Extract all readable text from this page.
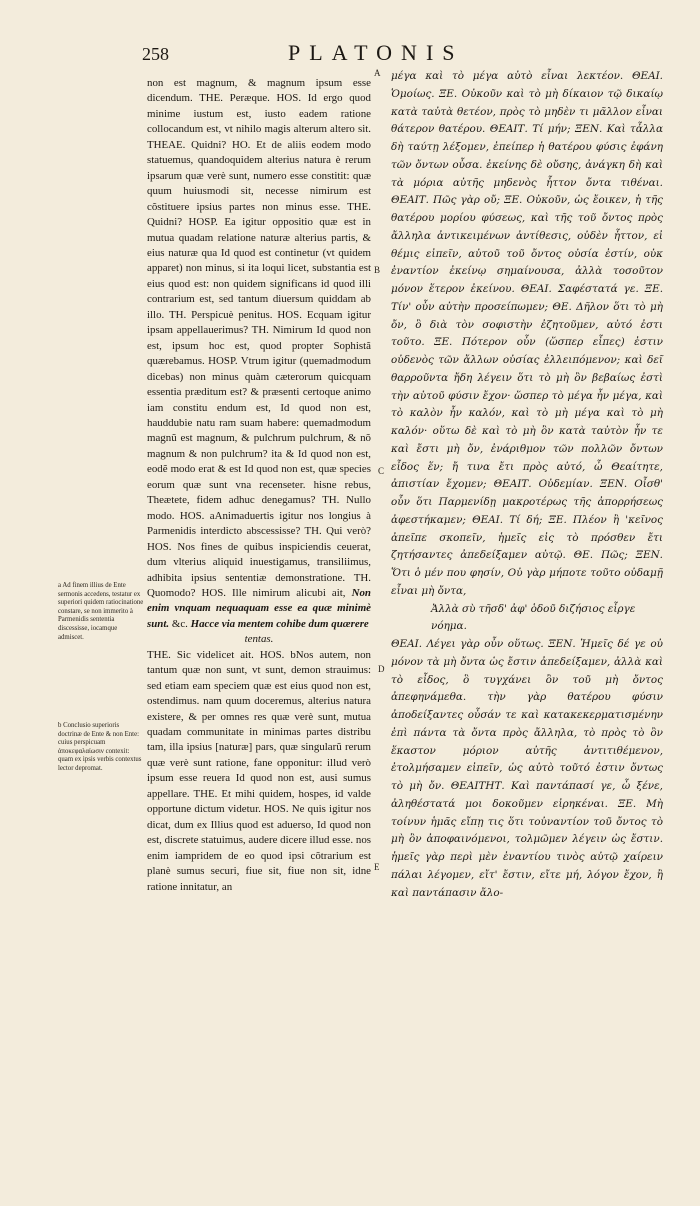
258	PLATONIS
a Ad finem illius de Ente sermonis accedens, testatur ex superiori quidem ratiocinatione constare, se non immerito à Parmenidis sententia discessisse, iocamque admiscet.
b Conclusio superioris doctrinæ de Ente & non Ente: cuius perspicuam ἀποκεφαλαίωσιν contexit: quam ex ipsis verbis contextus lector depromat.

non est magnum, & magnum ipsum esse dicendum. THE. Peræque. HOS. Id ergo quod minime iustum est, iusto eadem ratione collocandum est, vt nihilo magis alterum altero sit. THEAE. Quidni? HO. Et de aliis eodem modo statuemus, quandoquidem alterius natura è rerum ipsarum quæ verè sunt, numero esse constitit: quæ quum huiusmodi sit, necesse nimirum est cõstituere ipsius partes non minus esse. THE. Quidni? HOSP. Ea igitur oppositio quæ est in mutua quadam relatione naturæ alterius partis, & eius naturæ qua Id quod est continetur (vt quidem apparet) non minus, si ita loqui licet, substantia est eius quod est: non quidem significans id quod illi contrarium est, sed tantum diuersum quiddam ab illo. TH. Perspicuè penitus. HOS. Ecquam igitur ipsam appellauerimus? TH. Nimirum Id quod non est, ipsum hoc est, quod propter Sophistã quærebamus. HOSP. Vtrum igitur (quemadmodum dicebas) non minus quàm cæterorum quicquam essentia præditum est? & præsenti certoque animo iam constitu endum est, Id quod non est, hauddubie natu ram suam habere: quemadmodum magnũ est magnum, & pulchrum pulchrum, & nõ magnum & non pulchrum? ita & Id quod non est, eodẽ modo erat & est Id quod non est, quæ species eorum quæ sunt vna recenseter. hisne rebus, Theætete, fidem adhuc denegamus? TH. Nullo modo. HOS. aAnimaduertis igitur nos longius à Parmenidis interdicto abscessisse? TH. Qui verò? HOS. Nos fines de quibus inspiciendis ceuerat, dum vlterius aliquid inuestigamus, transiliimus, adhibita ipsius sententiæ demonstratione. TH. Quomodo? HOS. Ille nimirum alicubi ait, Non enim vnquam nequaquam esse ea quæ minimè sunt. &c. Hacce via mentem cohibe dum quærere

tentas.

THE. Sic videlicet ait. HOS. bNos autem, non tantum quæ non sunt, vt sunt, demon strauimus: sed etiam eam speciem quæ est eius quod non est, ostendimus. nam quum doceremus, alterius natura existere, & per omnes res quæ verè sunt, mutua quadam communitate in minimas partes distribu tam, illa ipsius [naturæ] pars, quæ singularũ rerum quæ verè sunt ratione, fane opponitur: illud verò ipsum esse reuera Id quod non est, ausi sumus appellare. THE. Et mihi quidem, hospes, id valde opportune dictum videtur. HOS. Ne quis igitur nos dicat, dum ex Illius quod est aduerso, Id quod non est, discrete statuimus, audere dicere illud esse. nos enim iampridem de eo quod ipsi cõtrarium est planè sumus securi, fiue sit, fiue non sit, idne ratione innitatur, an

A
B
C
D
E

μέγα καὶ τὸ μέγα αὐτὸ εἶναι λεκτέον. ΘΕΑΙ. Ὁμοίως. ΞΕ. Οὐκοῦν καὶ τὸ μὴ δίκαιον τῷ δικαίῳ κατὰ ταὐτὰ θετέον, πρὸς τὸ μηδὲν τι μᾶλλον εἶναι θάτερον θατέρου. ΘΕΑΙΤ. Τί μήν; ΞΕΝ. Καὶ τἆλλα δὴ ταύτῃ λέξομεν, ἐπείπερ ἡ θατέρου φύσις ἐφάνη τῶν ὄντων οὖσα. ἐκείνης δὲ οὔσης, ἀνάγκη δὴ καὶ τὰ μόρια αὐτῆς μηδενὸς ἧττον ὄντα τιθέναι. ΘΕΑΙΤ. Πῶς γὰρ οὔ; ΞΕ. Οὐκοῦν, ὡς ἔοικεν, ἡ τῆς θατέρου μορίου φύσεως, καὶ τῆς τοῦ ὄντος πρὸς ἄλληλα ἀντικειμένων ἀντίθεσις, οὐδὲν ἧττον, εἰ θέμις εἰπεῖν, αὐτοῦ τοῦ ὄντος οὐσία ἐστίν, οὐκ ἐναντίον ἐκείνῳ σημαίνουσα, ἀλλὰ τοσοῦτον μόνον ἕτερον ἐκείνου. ΘΕΑΙ. Σαφέστατά γε. ΞΕ. Τίν' οὖν αὐτὴν προσείπωμεν; ΘΕ. Δῆλον ὅτι τὸ μὴ ὄν, ὃ διὰ τὸν σοφιστὴν ἐζητοῦμεν, αὐτό ἐστι τοῦτο. ΞΕ. Πότερον οὖν (ὥσπερ εἶπες) ἐστιν οὐδενὸς τῶν ἄλλων οὐσίας ἐλλειπόμενον; καὶ δεῖ θαρροῦντα ἤδη λέγειν ὅτι τὸ μὴ ὂν βεβαίως ἐστὶ τὴν αὑτοῦ φύσιν ἔχον· ὥσπερ τὸ μέγα ἦν μέγα, καὶ τὸ καλὸν ἦν καλόν, καὶ τὸ μὴ μέγα καὶ τὸ μὴ καλόν· οὕτω δὲ καὶ τὸ μὴ ὂν κατὰ ταὐτὸν ἦν τε καὶ ἔστι μὴ ὄν, ἐνάριθμον τῶν πολλῶν ὄντων εἶδος ἕν; ἤ τινα ἔτι πρὸς αὐτό, ὦ Θεαίτητε, ἀπιστίαν ἔχομεν; ΘΕΑΙΤ. Οὐδεμίαν. ΞΕΝ. Οἶσθ' οὖν ὅτι Παρμενίδῃ μακροτέρως τῆς ἀπορρήσεως ἀφεστήκαμεν; ΘΕΑΙ. Τί δή; ΞΕ. Πλέον ἢ 'κεῖνος ἀπεῖπε σκοπεῖν, ἡμεῖς εἰς τὸ πρόσθεν ἔτι ζητήσαντες ἀπεδείξαμεν αὐτῷ. ΘΕ. Πῶς; ΞΕΝ. Ὅτι ὁ μέν που φησίν, Οὐ γὰρ μήποτε τοῦτο οὐδαμῇ εἶναι μὴ ὄντα,

Ἀλλὰ σὺ τῆσδ' ἀφ' ὁδοῦ διζήσιος εἶργε

νόημα.

ΘΕΑΙ. Λέγει γὰρ οὖν οὕτως. ΞΕΝ. Ἡμεῖς δέ γε οὐ μόνον τὰ μὴ ὄντα ὡς ἔστιν ἀπεδείξαμεν, ἀλλὰ καὶ τὸ εἶδος, ὃ τυγχάνει ὂν τοῦ μὴ ὄντος ἀπεφηνάμεθα. τὴν γὰρ θατέρου φύσιν ἀποδείξαντες οὖσάν τε καὶ κατακεκερματισμένην ἐπὶ πάντα τὰ ὄντα πρὸς ἄλληλα, τὸ πρὸς τὸ ὂν ἕκαστον μόριον αὐτῆς ἀντιτιθέμενον, ἐτολμήσαμεν εἰπεῖν, ὡς αὐτὸ τοῦτό ἐστιν ὄντως τὸ μὴ ὄν. ΘΕΑΙΤΗΤ. Καὶ παντάπασί γε, ὦ ξένε, ἀληθέστατά μοι δοκοῦμεν εἰρηκέναι. ΞΕ. Μὴ τοίνυν ἡμᾶς εἴπῃ τις ὅτι τοὐναντίον τοῦ ὄντος τὸ μὴ ὂν ἀποφαινόμενοι, τολμῶμεν λέγειν ὡς ἔστιν. ἡμεῖς γὰρ περὶ μὲν ἐναντίου τινὸς αὐτῷ χαίρειν πάλαι λέγομεν, εἴτ' ἔστιν, εἴτε μή, λόγον ἔχον, ἢ καὶ παντάπασιν ἄλο-
